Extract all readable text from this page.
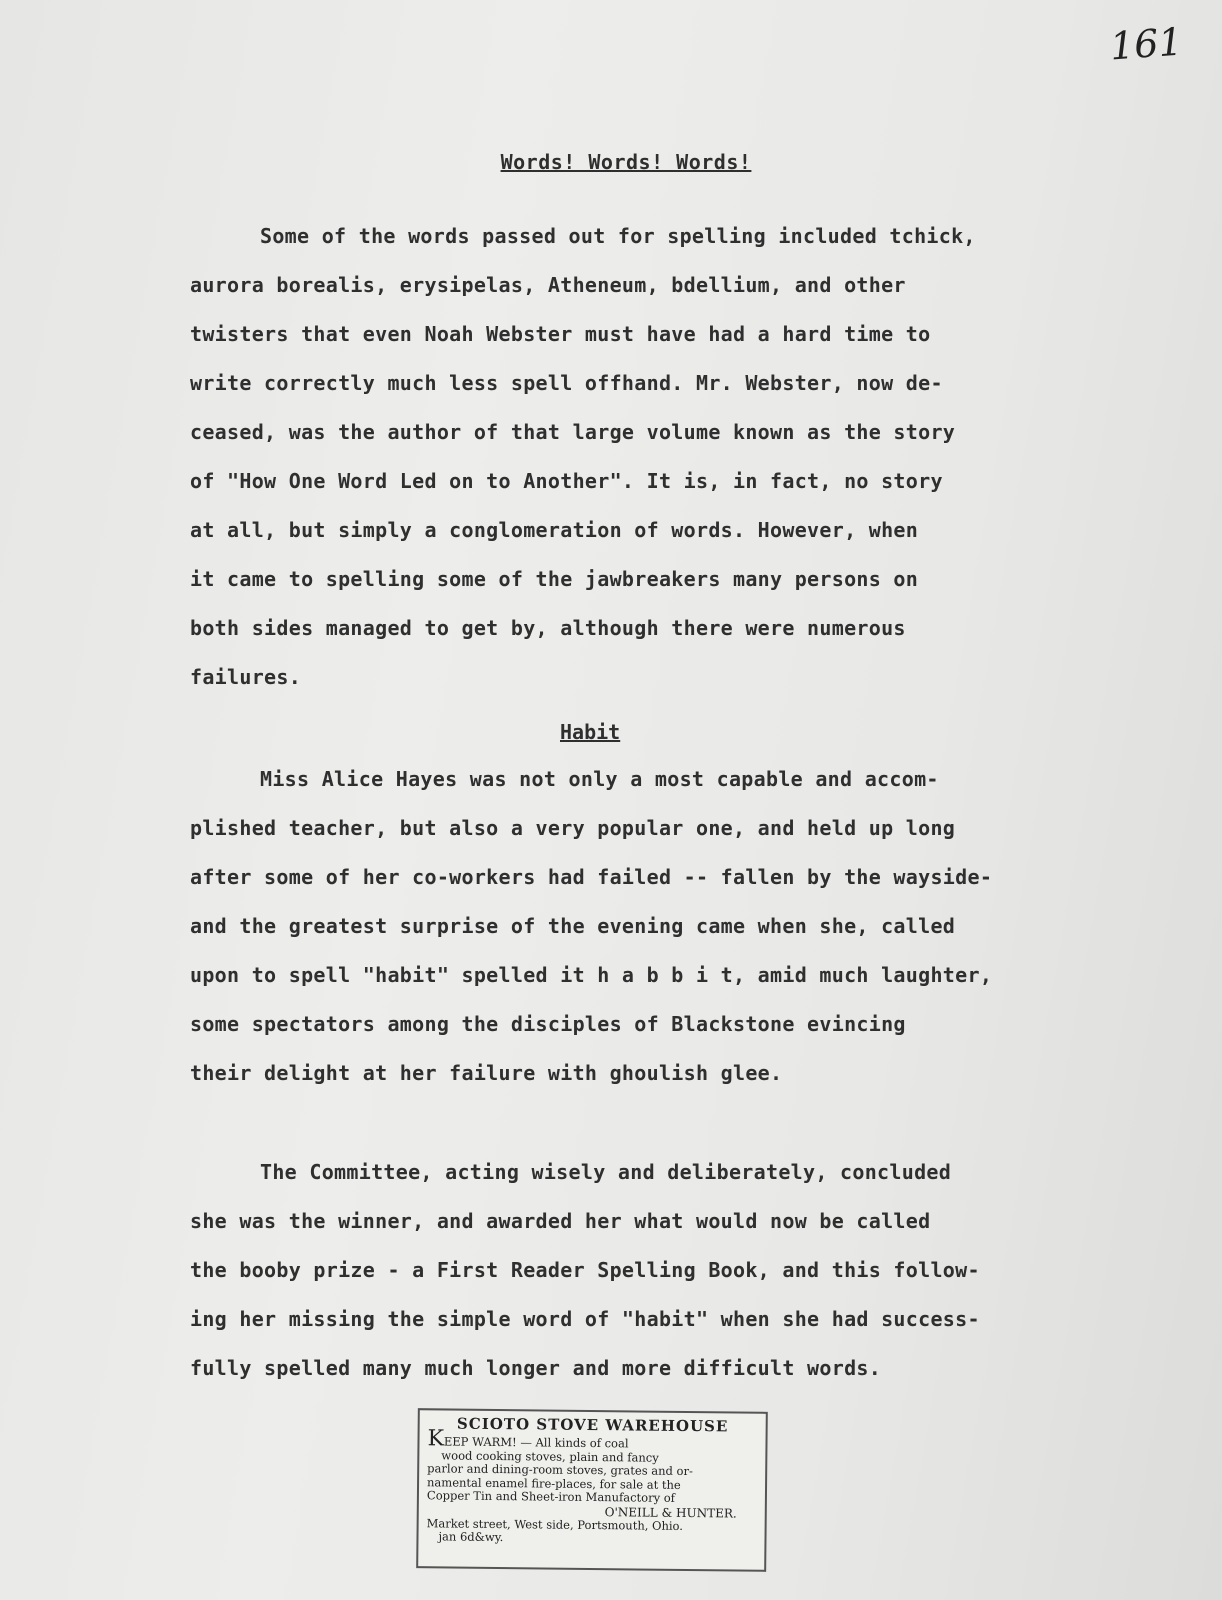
161
Words! Words! Words!
Some of the words passed out for spelling included tchick,
aurora borealis, erysipelas, Atheneum, bdellium, and other
twisters that even Noah Webster must have had a hard time to
write correctly much less spell offhand. Mr. Webster, now de-
ceased, was the author of that large volume known as the story
of "How One Word Led on to Another". It is, in fact, no story
at all, but simply a conglomeration of words. However, when
it came to spelling some of the jawbreakers many persons on
both sides managed to get by, although there were numerous
failures.
Habit
Miss Alice Hayes was not only a most capable and accom-
plished teacher, but also a very popular one, and held up long
after some of her co-workers had failed -- fallen by the wayside-
and the greatest surprise of the evening came when she, called
upon to spell "habit" spelled it h a b b i t, amid much laughter,
some spectators among the disciples of Blackstone evincing
their delight at her failure with ghoulish glee.
The Committee, acting wisely and deliberately, concluded
she was the winner, and awarded her what would now be called
the booby prize - a First Reader Spelling Book, and this follow-
ing her missing the simple word of "habit" when she had success-
fully spelled many much longer and more difficult words.
SCIOTO STOVE WAREHOUSE
KEEP WARM! — All kinds of coal
wood cooking stoves, plain and fancy
parlor and dining-room stoves, grates and or-
namental enamel fire-places, for sale at the
Copper Tin and Sheet-iron Manufactory of
O'NEILL & HUNTER.
Market street, West side, Portsmouth, Ohio.
jan 6d&wy.
